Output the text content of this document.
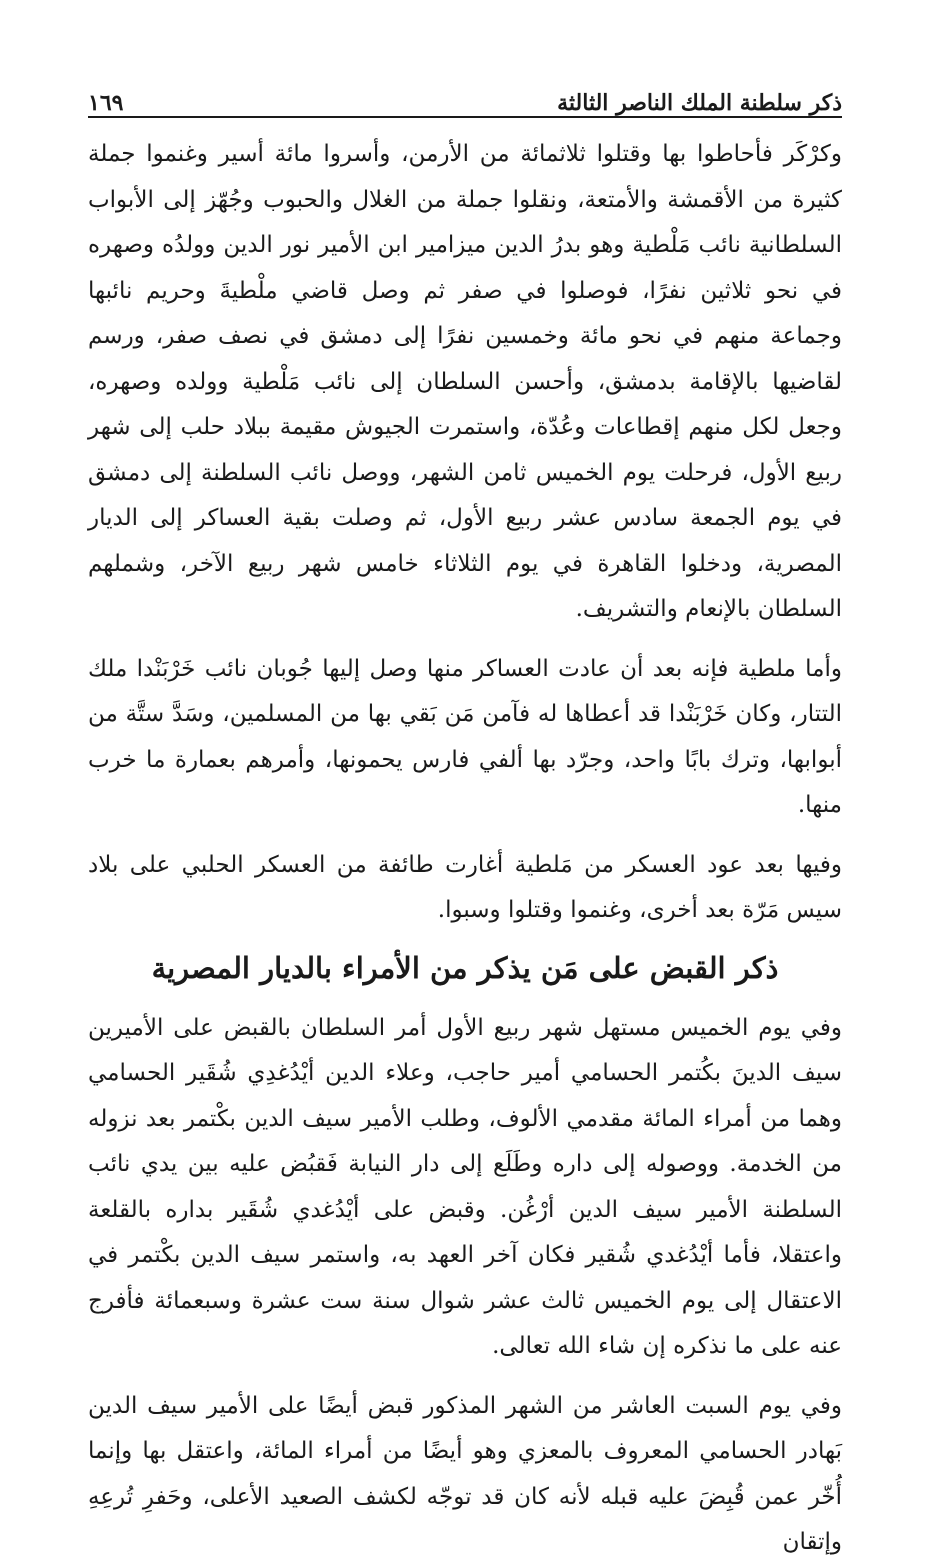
ذكر سلطنة الملك الناصر الثالثة
١٦٩

وكرْكَر فأحاطوا بها وقتلوا ثلاثمائة من الأرمن، وأسروا مائة أسير وغنموا جملة كثيرة من الأقمشة والأمتعة، ونقلوا جملة من الغلال والحبوب وجُهّز إلى الأبواب السلطانية نائب مَلْطية وهو بدرُ الدين ميزامير ابن الأمير نور الدين وولدُه وصهره في نحو ثلاثين نفرًا، فوصلوا في صفر ثم وصل قاضي ملْطيةَ وحريم نائبها وجماعة منهم في نحو مائة وخمسين نفرًا إلى دمشق في نصف صفر، ورسم لقاضيها بالإقامة بدمشق، وأحسن السلطان إلى نائب مَلْطية وولده وصهره، وجعل لكل منهم إقطاعات وعُدّة، واستمرت الجيوش مقيمة ببلاد حلب إلى شهر ربيع الأول، فرحلت يوم الخميس ثامن الشهر، ووصل نائب السلطنة إلى دمشق في يوم الجمعة سادس عشر ربيع الأول، ثم وصلت بقية العساكر إلى الديار المصرية، ودخلوا القاهرة في يوم الثلاثاء خامس شهر ربيع الآخر، وشملهم السلطان بالإنعام والتشريف.

وأما ملطية فإنه بعد أن عادت العساكر منها وصل إليها جُوبان نائب خَرْبَنْدا ملك التتار، وكان خَرْبَنْدا قد أعطاها له فآمن مَن بَقي بها من المسلمين، وسَدَّ ستَّة من أبوابها، وترك بابًا واحد، وجرّد بها ألفي فارس يحمونها، وأمرهم بعمارة ما خرب منها.

وفيها بعد عود العسكر من مَلطية أغارت طائفة من العسكر الحلبي على بلاد سيس مَرّة بعد أخرى، وغنموا وقتلوا وسبوا.

ذكر القبض على مَن يذكر من الأمراء بالديار المصرية

وفي يوم الخميس مستهل شهر ربيع الأول أمر السلطان بالقبض على الأميرين سيف الدينَ بكُتمر الحسامي أمير حاجب، وعلاء الدين أيْدُغدِي شُقَير الحسامي وهما من أمراء المائة مقدمي الألوف، وطلب الأمير سيف الدين بكْتمر بعد نزوله من الخدمة. ووصوله إلى داره وطَلَع إلى دار النيابة فَقبُض عليه بين يدي نائب السلطنة الأمير سيف الدين أرْغُن. وقبض على أيْدُغدي شُقَير بداره بالقلعة واعتقلا، فأما أيْدُغدي شُقير فكان آخر العهد به، واستمر سيف الدين بكْتمر في الاعتقال إلى يوم الخميس ثالث عشر شوال سنة ست عشرة وسبعمائة فأفرج عنه على ما نذكره إن شاء الله تعالى.

وفي يوم السبت العاشر من الشهر المذكور قبض أيضًا على الأمير سيف الدين بَهادر الحسامي المعروف بالمعزي وهو أيضًا من أمراء المائة، واعتقل بها وإنما أُخّر عمن قُبِضَ عليه قبله لأنه كان قد توجّه لكشف الصعيد الأعلى، وحَفرِ تُرعِهِ وإتقان
